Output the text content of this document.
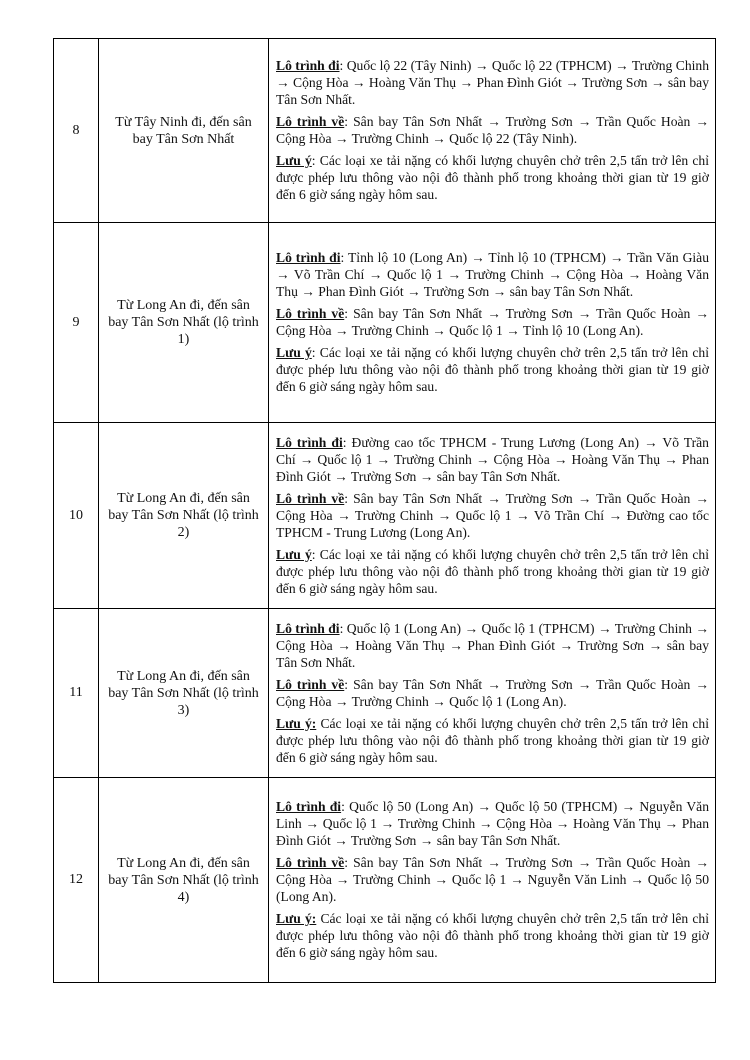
8	Từ Tây Ninh đi, đến sân bay Tân Sơn Nhất	Lô trình đi: Quốc lộ 22 (Tây Ninh) → Quốc lộ 22 (TPHCM) → Trường Chinh → Cộng Hòa → Hoàng Văn Thụ → Phan Đình Giót → Trường Sơn → sân bay Tân Sơn Nhất.

Lô trình về: Sân bay Tân Sơn Nhất → Trường Sơn → Trần Quốc Hoàn → Cộng Hòa → Trường Chinh → Quốc lộ 22 (Tây Ninh).

Lưu ý: Các loại xe tải nặng có khối lượng chuyên chở trên 2,5 tấn trở lên chỉ được phép lưu thông vào nội đô thành phố trong khoảng thời gian từ 19 giờ đến 6 giờ sáng ngày hôm sau.

9	Từ Long An đi, đến sân bay Tân Sơn Nhất (lộ trình 1)	Lô trình đi: Tỉnh lộ 10 (Long An) → Tỉnh lộ 10 (TPHCM) → Trần Văn Giàu → Võ Trần Chí → Quốc lộ 1 → Trường Chinh → Cộng Hòa → Hoàng Văn Thụ → Phan Đình Giót → Trường Sơn → sân bay Tân Sơn Nhất.

Lô trình về: Sân bay Tân Sơn Nhất → Trường Sơn → Trần Quốc Hoàn → Cộng Hòa → Trường Chinh → Quốc lộ 1 → Tỉnh lộ 10 (Long An).

Lưu ý: Các loại xe tải nặng có khối lượng chuyên chở trên 2,5 tấn trở lên chỉ được phép lưu thông vào nội đô thành phố trong khoảng thời gian từ 19 giờ đến 6 giờ sáng ngày hôm sau.

10	Từ Long An đi, đến sân bay Tân Sơn Nhất (lộ trình 2)	Lô trình đi: Đường cao tốc TPHCM - Trung Lương (Long An) → Võ Trần Chí → Quốc lộ 1 → Trường Chinh → Cộng Hòa → Hoàng Văn Thụ → Phan Đình Giót → Trường Sơn → sân bay Tân Sơn Nhất.

Lô trình về: Sân bay Tân Sơn Nhất → Trường Sơn → Trần Quốc Hoàn → Cộng Hòa → Trường Chinh → Quốc lộ 1 → Võ Trần Chí → Đường cao tốc TPHCM - Trung Lương (Long An).

Lưu ý: Các loại xe tải nặng có khối lượng chuyên chở trên 2,5 tấn trở lên chỉ được phép lưu thông vào nội đô thành phố trong khoảng thời gian từ 19 giờ đến 6 giờ sáng ngày hôm sau.

11	Từ Long An đi, đến sân bay Tân Sơn Nhất (lộ trình 3)	Lô trình đi: Quốc lộ 1 (Long An) → Quốc lộ 1 (TPHCM) → Trường Chinh → Cộng Hòa → Hoàng Văn Thụ → Phan Đình Giót → Trường Sơn → sân bay Tân Sơn Nhất.

Lô trình về: Sân bay Tân Sơn Nhất → Trường Sơn → Trần Quốc Hoàn → Cộng Hòa → Trường Chinh → Quốc lộ 1 (Long An).

Lưu ý: Các loại xe tải nặng có khối lượng chuyên chở trên 2,5 tấn trở lên chỉ được phép lưu thông vào nội đô thành phố trong khoảng thời gian từ 19 giờ đến 6 giờ sáng ngày hôm sau.

12	Từ Long An đi, đến sân bay Tân Sơn Nhất (lộ trình 4)	Lô trình đi: Quốc lộ 50 (Long An) → Quốc lộ 50 (TPHCM) → Nguyễn Văn Linh → Quốc lộ 1 → Trường Chinh → Cộng Hòa → Hoàng Văn Thụ → Phan Đình Giót → Trường Sơn → sân bay Tân Sơn Nhất.

Lô trình về: Sân bay Tân Sơn Nhất → Trường Sơn → Trần Quốc Hoàn → Cộng Hòa → Trường Chinh → Quốc lộ 1 → Nguyễn Văn Linh → Quốc lộ 50 (Long An).

Lưu ý: Các loại xe tải nặng có khối lượng chuyên chở trên 2,5 tấn trở lên chỉ được phép lưu thông vào nội đô thành phố trong khoảng thời gian từ 19 giờ đến 6 giờ sáng ngày hôm sau.
